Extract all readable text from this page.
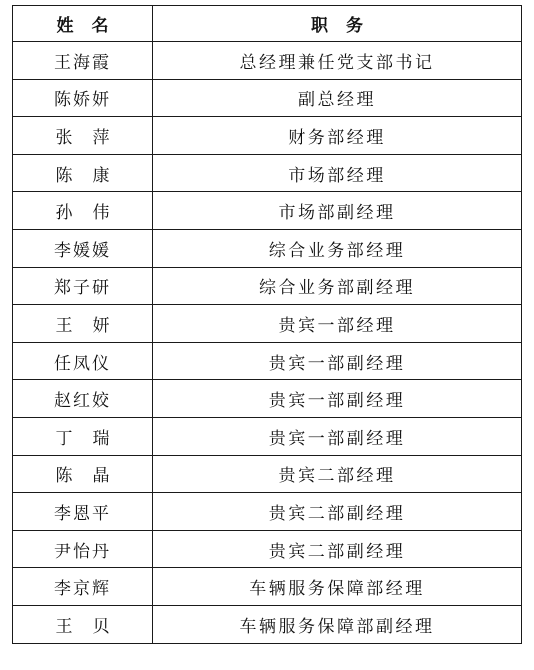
姓名	职务
王海霞	总经理兼任党支部书记
陈娇妍	副总经理
张萍	财务部经理
陈康	市场部经理
孙伟	市场部副经理
李媛媛	综合业务部经理
郑子研	综合业务部副经理
王妍	贵宾一部经理
任凤仪	贵宾一部副经理
赵红姣	贵宾一部副经理
丁瑞	贵宾一部副经理
陈晶	贵宾二部经理
李恩平	贵宾二部副经理
尹怡丹	贵宾二部副经理
李京辉	车辆服务保障部经理
王贝	车辆服务保障部副经理
